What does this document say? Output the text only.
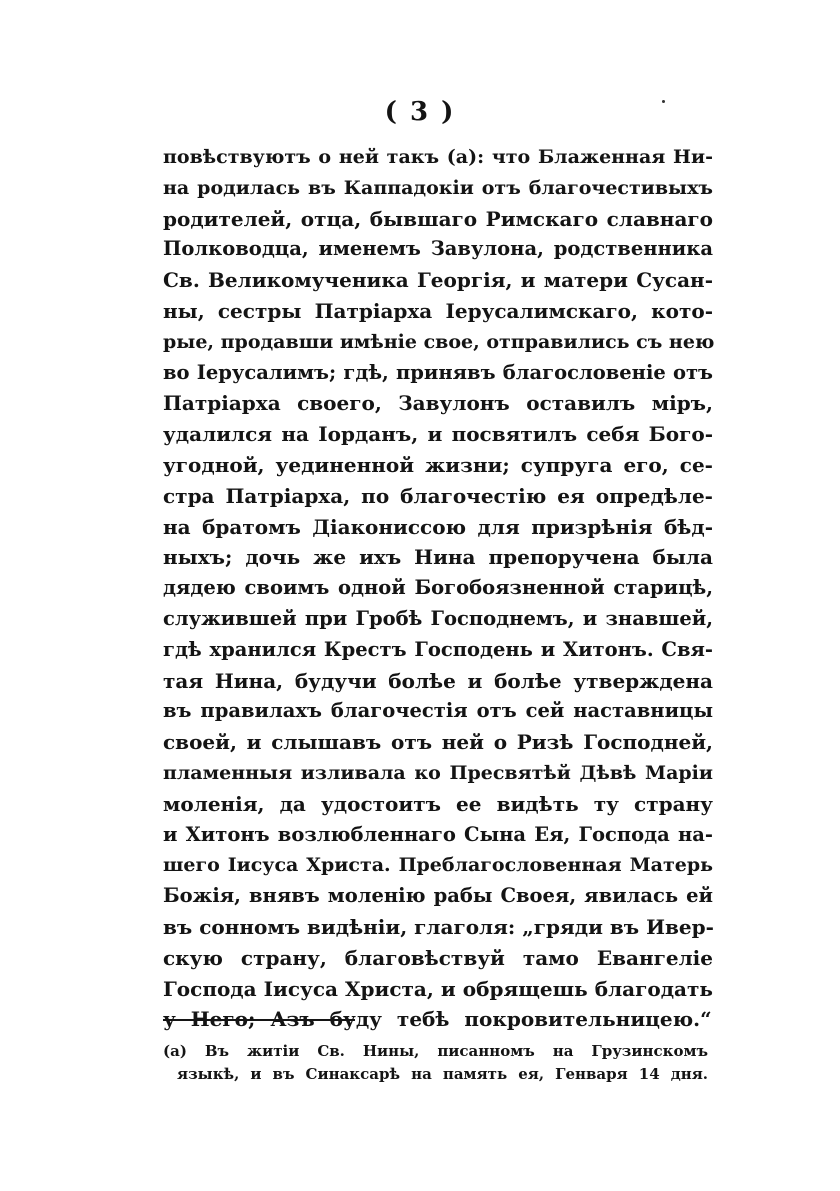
( 3 )
повѣствуютъ о ней такъ (а): что Блаженная Ни-
на родилась въ Каппадокіи отъ благочестивыхъ
родителей, отца, бывшаго Римскаго славнаго
Полководца, именемъ Завулона, родственника
Св. Великомученика Георгія, и матери Сусан-
ны, сестры Патріарха Іерусалимскаго, кото-
рые, продавши имѣніе свое, отправились съ нею
во Іерусалимъ; гдѣ, принявъ благословеніе отъ
Патріарха своего, Завулонъ оставилъ міръ,
удалился на Іорданъ, и посвятилъ себя Бого-
угодной, уединенной жизни; супруга его, се-
стра Патріарха, по благочестію ея опредѣле-
на братомъ Діакониссою для призрѣнія бѣд-
ныхъ; дочь же ихъ Нина препоручена была
дядею своимъ одной Богобоязненной старицѣ,
служившей при Гробѣ Господнемъ, и знавшей,
гдѣ хранился Крестъ Господень и Хитонъ. Свя-
тая Нина, будучи болѣе и болѣе утверждена
въ правилахъ благочестія отъ сей наставницы
своей, и слышавъ отъ ней о Ризѣ Господней,
пламенныя изливала ко Пресвятѣй Дѣвѣ Маріи
моленія, да удостоитъ ее видѣть ту страну
и Хитонъ возлюбленнаго Сына Ея, Господа на-
шего Іисуса Христа. Преблагословенная Матерь
Божія, внявъ моленію рабы Своея, явилась ей
въ сонномъ видѣніи, глаголя: „гряди въ Ивер-
скую страну, благовѣствуй тамо Евангеліе
Господа Іисуса Христа, и обрящешь благодать
у Него; Азъ буду тебѣ покровительницею.“
(а) Въ житіи Св. Нины, писанномъ на Грузинскомъ
языкѣ, и въ Синаксарѣ на память ея, Генваря 14 дня.
